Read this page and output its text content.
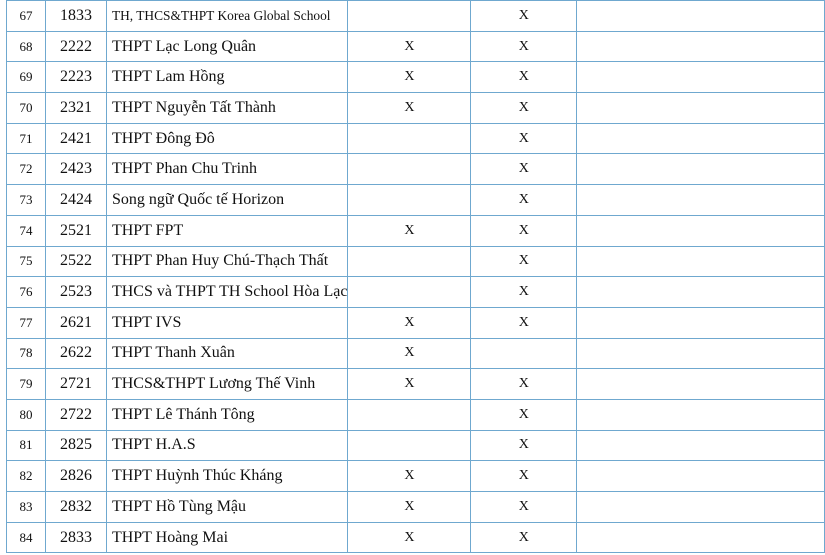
67	1833	TH, THCS&THPT Korea Global School		X	
68	2222	THPT Lạc Long Quân	X	X	
69	2223	THPT Lam Hồng	X	X	
70	2321	THPT Nguyễn Tất Thành	X	X	
71	2421	THPT Đông Đô		X	
72	2423	THPT Phan Chu Trinh		X	
73	2424	Song ngữ Quốc tế Horizon		X	
74	2521	THPT FPT	X	X	
75	2522	THPT Phan Huy Chú-Thạch Thất		X	
76	2523	THCS và THPT TH School Hòa Lạc		X	
77	2621	THPT IVS	X	X	
78	2622	THPT Thanh Xuân	X		
79	2721	THCS&THPT Lương Thế Vinh	X	X	
80	2722	THPT Lê Thánh Tông		X	
81	2825	THPT H.A.S		X	
82	2826	THPT Huỳnh Thúc Kháng	X	X	
83	2832	THPT Hồ Tùng Mậu	X	X	
84	2833	THPT Hoàng Mai	X	X	
